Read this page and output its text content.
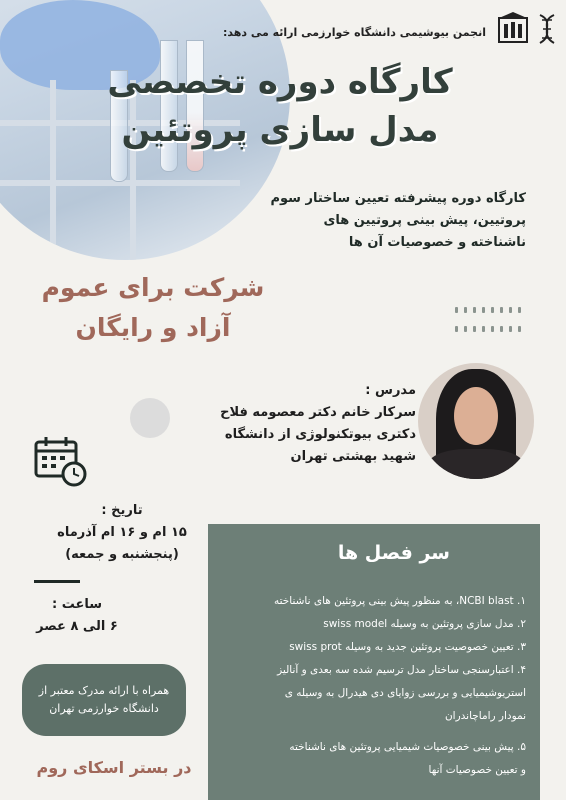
انجمن بیوشیمی دانشگاه خوارزمی ارائه می دهد:
کارگاه دوره تخصصی
مدل سازی پروتئین
کارگاه دوره پیشرفته تعیین ساختار سوم
پروتیین، پیش بینی پروتیین های
ناشناخته و خصوصیات آن ها
شرکت برای عموم
آزاد و رایگان

مدرس :
سرکار خانم دکتر معصومه فلاح
دکتری بیوتکنولوژی از دانشگاه
شهید بهشتی تهران
تاریخ :
۱۵ ام و ۱۶ ام آذرماه
(پنجشنبه و جمعه)
ساعت :
۶ الی ۸ عصر
همراه با ارائه مدرک معتبر از
دانشگاه خوارزمی تهران
در بستر اسکای روم
سر فصل ها
۱. NCBI blast، به منظور پیش بینی پروتئین های ناشناخته
۲. مدل سازی پروتئین به وسیله swiss model
۳. تعیین خصوصیت پروتئین جدید به وسیله swiss prot
۴. اعتبارسنجی ساختار مدل ترسیم شده سه بعدی و آنالیز
استریوشیمیایی و بررسی زوایای دی هیدرال به وسیله ی
نمودار راماچاندران
۵. پیش بینی خصوصیات شیمیایی پروتئین های ناشناخته
و تعیین خصوصیات آنها
